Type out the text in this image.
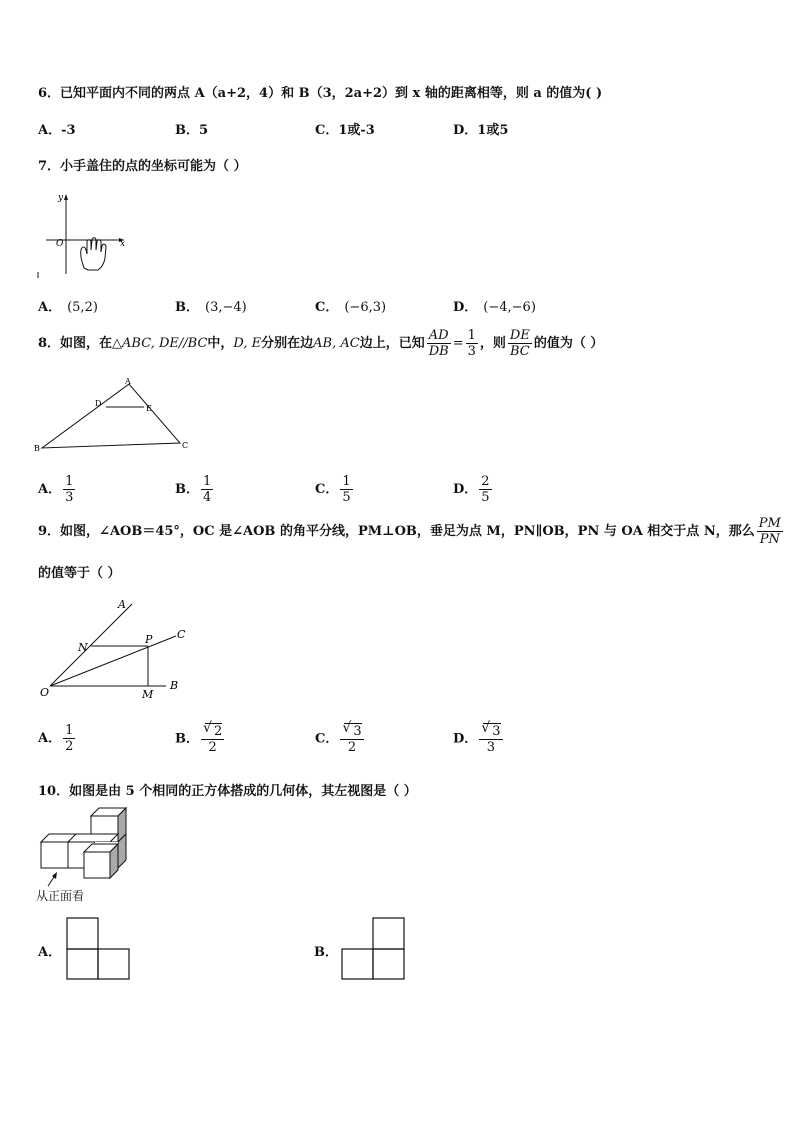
6．已知平面内不同的两点 A（a+2，4）和 B（3，2a+2）到 x 轴的距离相等，则 a 的值为( )
A．-3	B．5	C．1或-3	D．1或5
7．小手盖住的点的坐标可能为（ ）
y
x
O
A． (5,2)	B． (3,−4)	C． (−6,3)	D． (−4,−6)
8．如图，在△ABC, DE//BC中，D, E分别在边AB, AC边上，已知 $\frac{AD}{DB} = \frac{1}{3}$ ，则 $\frac{DE}{BC}$ 的值为（ ）
A
B	C
D
E
A． $\frac{1}{3}$	B． $\frac{1}{4}$	C． $\frac{1}{5}$	D． $\frac{2}{5}$
9．如图，∠AOB＝45°，OC 是∠AOB 的角平分线，PM⊥OB，垂足为点 M，PN∥OB，PN 与 OA 相交于点 N，那么 $\frac{PM}{PN}$
的值等于（ ）
A
C
N
P
O	M
B
A． $\frac{1}{2}$	B． √ $\frac{2}{2}$	C． √ $\frac{3}{2}$	D． √ $\frac{3}{3}$
10．如图是由 5 个相同的正方体搭成的几何体，其左视图是（ ）
从正面看
A．	B．
